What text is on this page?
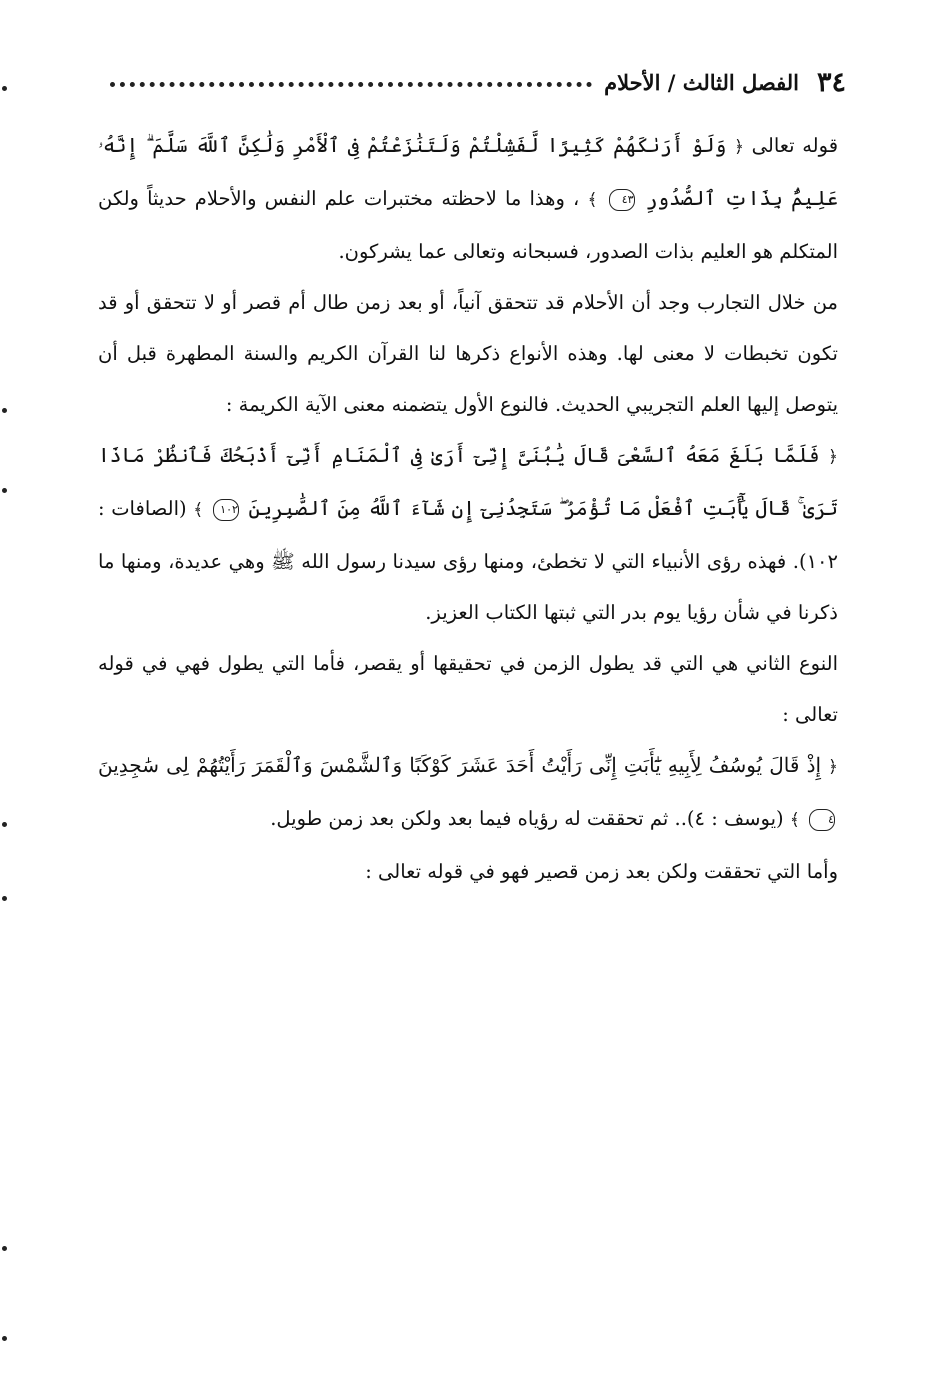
٣٤
الفصل الثالث / الأحلام

قوله تعالى ﴿ وَلَوْ أَرَىٰكَهُمْ كَثِيرًا لَّفَشِلْتُمْ وَلَتَنَٰزَعْتُمْ فِى ٱلْأَمْرِ وَلَٰكِنَّ ٱللَّهَ سَلَّمَ ۗ إِنَّهُۥ عَلِيمٌۢ بِذَاتِ ٱلصُّدُورِ ٤٣ ﴾ ، وهذا ما لاحظته مختبرات علم النفس والأحلام حديثاً ولكن المتكلم هو العليم بذات الصدور، فسبحانه وتعالى عما يشركون.

من خلال التجارب وجد أن الأحلام قد تتحقق آنياً، أو بعد زمن طال أم قصر أو لا تتحقق أو قد تكون تخبطات لا معنى لها. وهذه الأنواع ذكرها لنا القرآن الكريم والسنة المطهرة قبل أن يتوصل إليها العلم التجريبي الحديث. فالنوع الأول يتضمنه معنى الآية الكريمة :

﴿ فَلَمَّا بَلَغَ مَعَهُ ٱلسَّعْىَ قَالَ يَٰبُنَىَّ إِنِّىٓ أَرَىٰ فِى ٱلْمَنَامِ أَنِّىٓ أَذْبَحُكَ فَٱنظُرْ مَاذَا تَرَىٰ ۚ قَالَ يَٰٓأَبَتِ ٱفْعَلْ مَا تُؤْمَرُ ۖ سَتَجِدُنِىٓ إِن شَآءَ ٱللَّهُ مِنَ ٱلصَّٰبِرِينَ ١٠٢ ﴾ (الصافات : ١٠٢). فهذه رؤى الأنبياء التي لا تخطئ، ومنها رؤى سيدنا رسول الله ﷺ وهي عديدة، ومنها ما ذكرنا في شأن رؤيا يوم بدر التي ثبتها الكتاب العزيز.

النوع الثاني هي التي قد يطول الزمن في تحقيقها أو يقصر، فأما التي يطول فهي في قوله تعالى :

﴿ إِذْ قَالَ يُوسُفُ لِأَبِيهِ يَٰٓأَبَتِ إِنِّى رَأَيْتُ أَحَدَ عَشَرَ كَوْكَبًا وَٱلشَّمْسَ وَٱلْقَمَرَ رَأَيْتُهُمْ لِى سَٰجِدِينَ ٤ ﴾ (يوسف : ٤).. ثم تحققت له رؤياه فيما بعد ولكن بعد زمن طويل.

وأما التي تحققت ولكن بعد زمن قصير فهو في قوله تعالى :
